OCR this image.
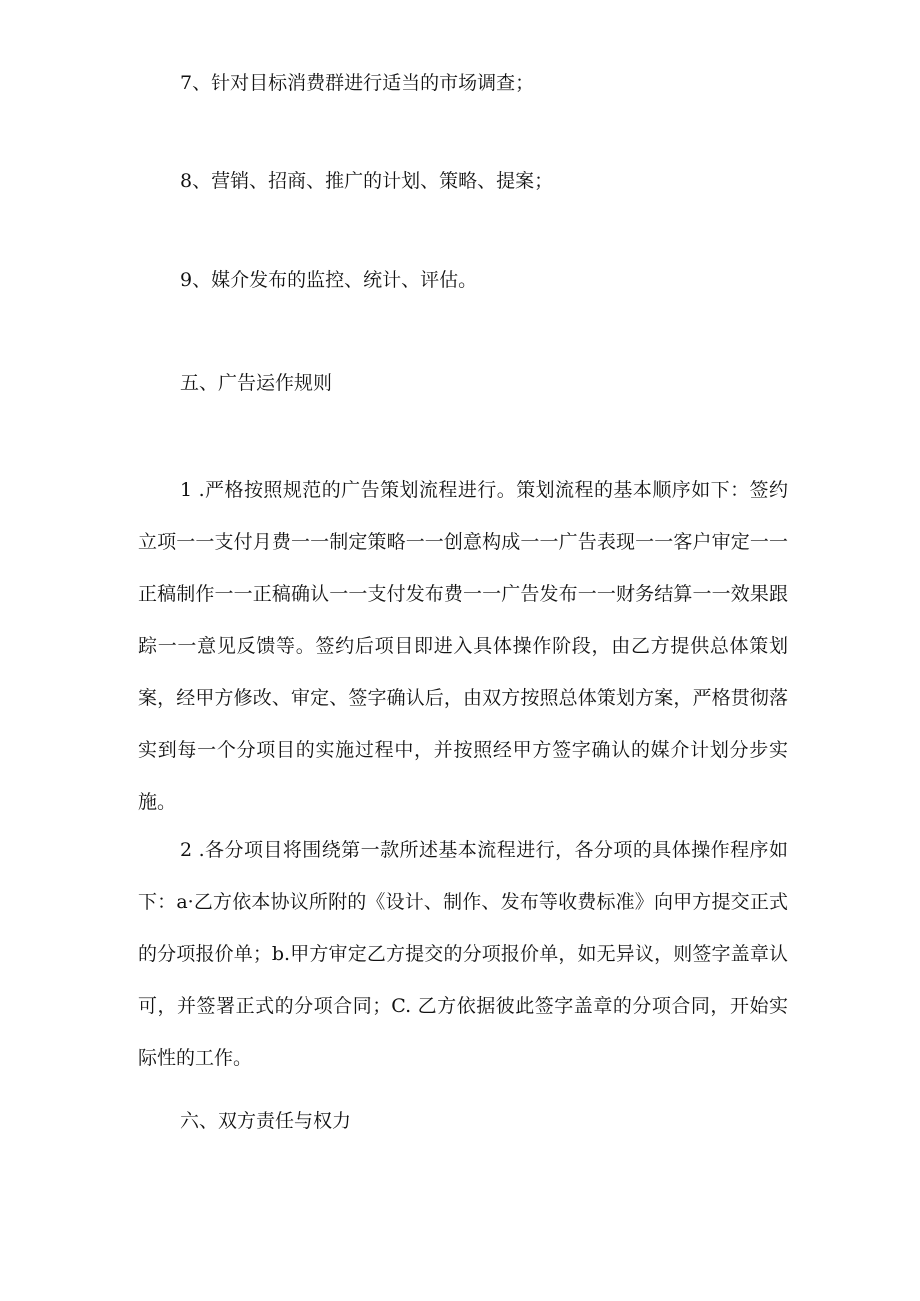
7、针对目标消费群进行适当的市场调查；
8、营销、招商、推广的计划、策略、提案；
9、媒介发布的监控、统计、评估。
五、广告运作规则
1 .严格按照规范的广告策划流程进行。策划流程的基本顺序如下：签约立项一一支付月费一一制定策略一一创意构成一一广告表现一一客户审定一一正稿制作一一正稿确认一一支付发布费一一广告发布一一财务结算一一效果跟踪一一意见反馈等。签约后项目即进入具体操作阶段，由乙方提供总体策划案，经甲方修改、审定、签字确认后，由双方按照总体策划方案，严格贯彻落实到每一个分项目的实施过程中，并按照经甲方签字确认的媒介计划分步实施。
2 .各分项目将围绕第一款所述基本流程进行，各分项的具体操作程序如下：a·乙方依本协议所附的《设计、制作、发布等收费标准》向甲方提交正式的分项报价单；b.甲方审定乙方提交的分项报价单，如无异议，则签字盖章认可，并签署正式的分项合同；C. 乙方依据彼此签字盖章的分项合同，开始实际性的工作。
六、双方责任与权力
